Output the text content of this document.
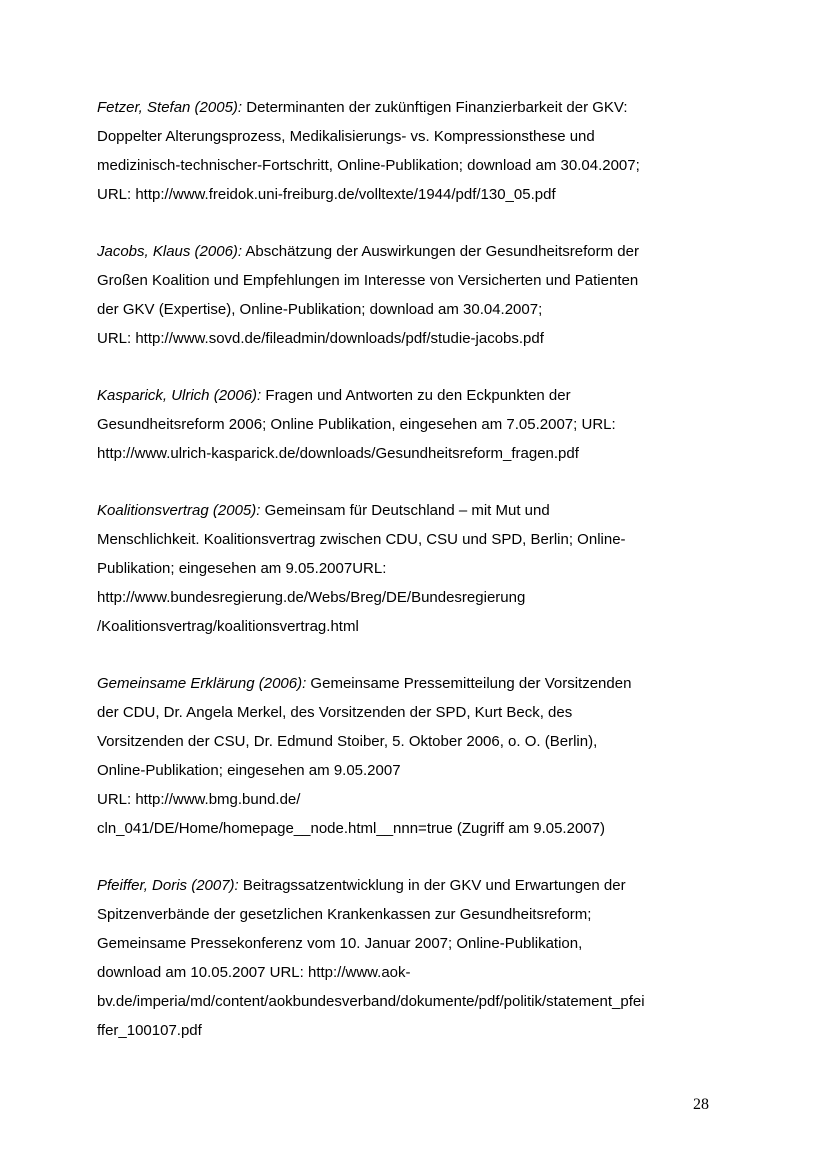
Fetzer, Stefan (2005): Determinanten der zukünftigen Finanzierbarkeit der GKV:
Doppelter Alterungsprozess, Medikalisierungs- vs. Kompressionsthese und
medizinisch-technischer-Fortschritt, Online-Publikation; download am 30.04.2007;
URL: http://www.freidok.uni-freiburg.de/volltexte/1944/pdf/130_05.pdf

Jacobs, Klaus (2006): Abschätzung der Auswirkungen der Gesundheitsreform der
Großen Koalition und Empfehlungen im Interesse von Versicherten und Patienten
der GKV (Expertise), Online-Publikation; download am 30.04.2007;
URL: http://www.sovd.de/fileadmin/downloads/pdf/studie-jacobs.pdf

Kasparick, Ulrich (2006): Fragen und Antworten zu den Eckpunkten der
Gesundheitsreform 2006; Online Publikation, eingesehen am 7.05.2007; URL:
http://www.ulrich-kasparick.de/downloads/Gesundheitsreform_fragen.pdf

Koalitionsvertrag (2005): Gemeinsam für Deutschland – mit Mut und
Menschlichkeit. Koalitionsvertrag zwischen CDU, CSU und SPD, Berlin; Online-
Publikation; eingesehen am 9.05.2007URL:
http://www.bundesregierung.de/Webs/Breg/DE/Bundesregierung
/Koalitionsvertrag/koalitionsvertrag.html

Gemeinsame Erklärung (2006): Gemeinsame Pressemitteilung der Vorsitzenden
der CDU, Dr. Angela Merkel, des Vorsitzenden der SPD, Kurt Beck, des
Vorsitzenden der CSU, Dr. Edmund Stoiber, 5. Oktober 2006, o. O. (Berlin),
Online-Publikation; eingesehen am 9.05.2007
URL: http://www.bmg.bund.de/
cln_041/DE/Home/homepage__node.html__nnn=true (Zugriff am 9.05.2007)

Pfeiffer, Doris (2007): Beitragssatzentwicklung in der GKV und Erwartungen der
Spitzenverbände der gesetzlichen Krankenkassen zur Gesundheitsreform;
Gemeinsame Pressekonferenz vom 10. Januar 2007; Online-Publikation,
download am 10.05.2007 URL: http://www.aok-
bv.de/imperia/md/content/aokbundesverband/dokumente/pdf/politik/statement_pfei
ffer_100107.pdf

28
